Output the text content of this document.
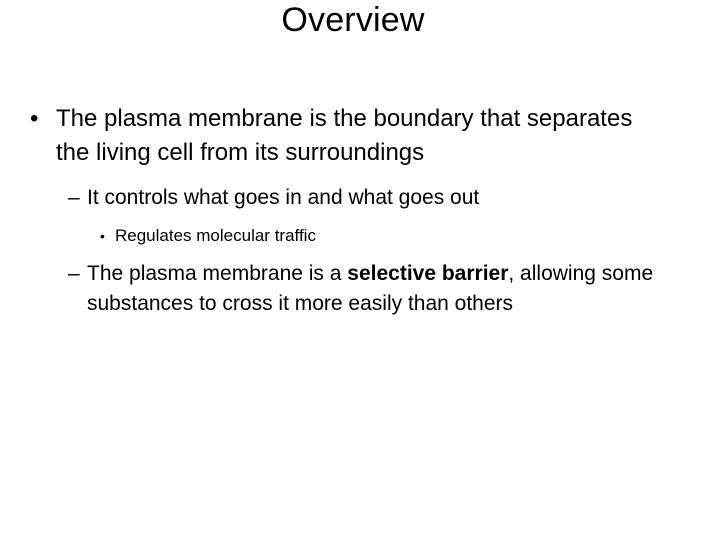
Overview
• The plasma membrane is the boundary that separates the living cell from its surroundings
– It controls what goes in and what goes out
• Regulates molecular traffic
– The plasma membrane is a selective barrier, allowing some substances to cross it more easily than others
